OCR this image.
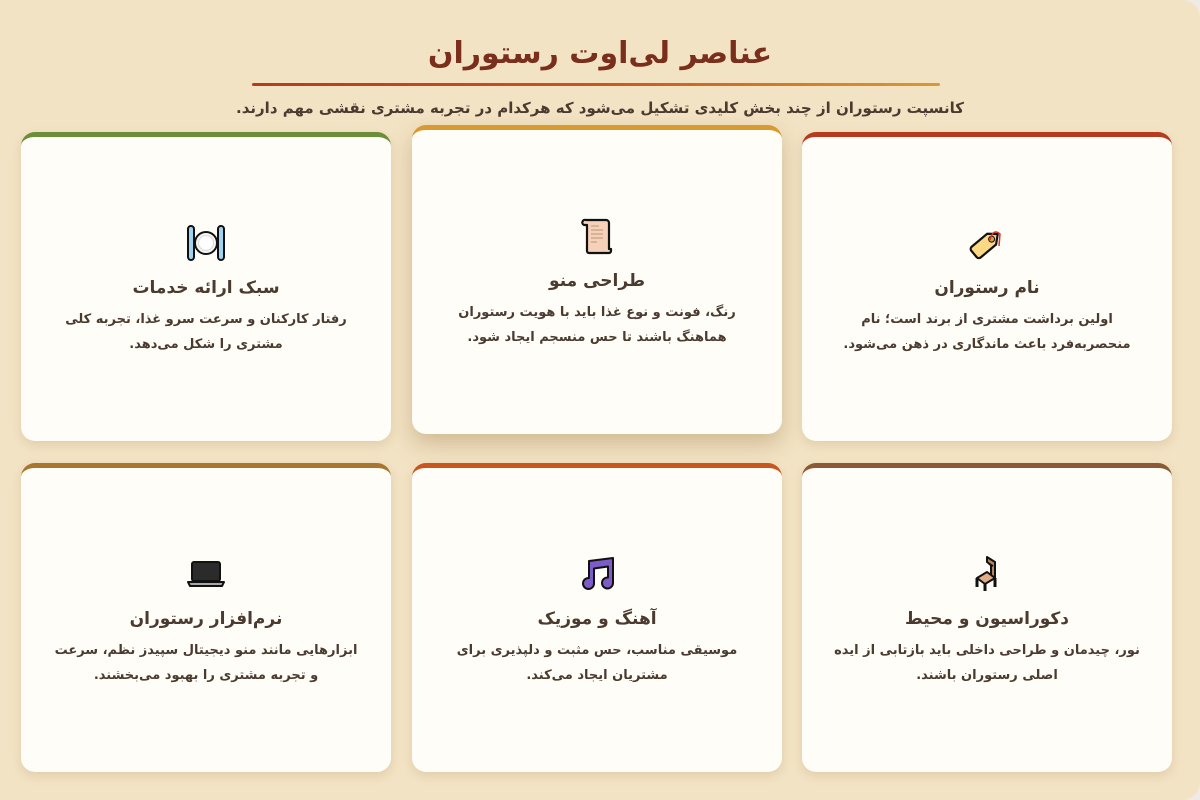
عناصر لی‌اوت رستوران

کانسپت رستوران از چند بخش کلیدی تشکیل می‌شود که هرکدام در تجربه مشتری نقشی مهم دارند.

نام رستوران
اولین برداشت مشتری از برند است؛ نام منحصربه‌فرد باعث ماندگاری در ذهن می‌شود.
طراحی منو
رنگ، فونت و نوع غذا باید با هویت رستوران هماهنگ باشند تا حس منسجم ایجاد شود.
سبک ارائه خدمات
رفتار کارکنان و سرعت سرو غذا، تجربه کلی مشتری را شکل می‌دهد.
دکوراسیون و محیط
نور، چیدمان و طراحی داخلی باید بازتابی از ایده اصلی رستوران باشند.
آهنگ و موزیک
موسیقی مناسب، حس مثبت و دلپذیری برای مشتریان ایجاد می‌کند.
نرم‌افزار رستوران
ابزارهایی مانند منو دیجیتال سپیدز نظم، سرعت و تجربه مشتری را بهبود می‌بخشند.
